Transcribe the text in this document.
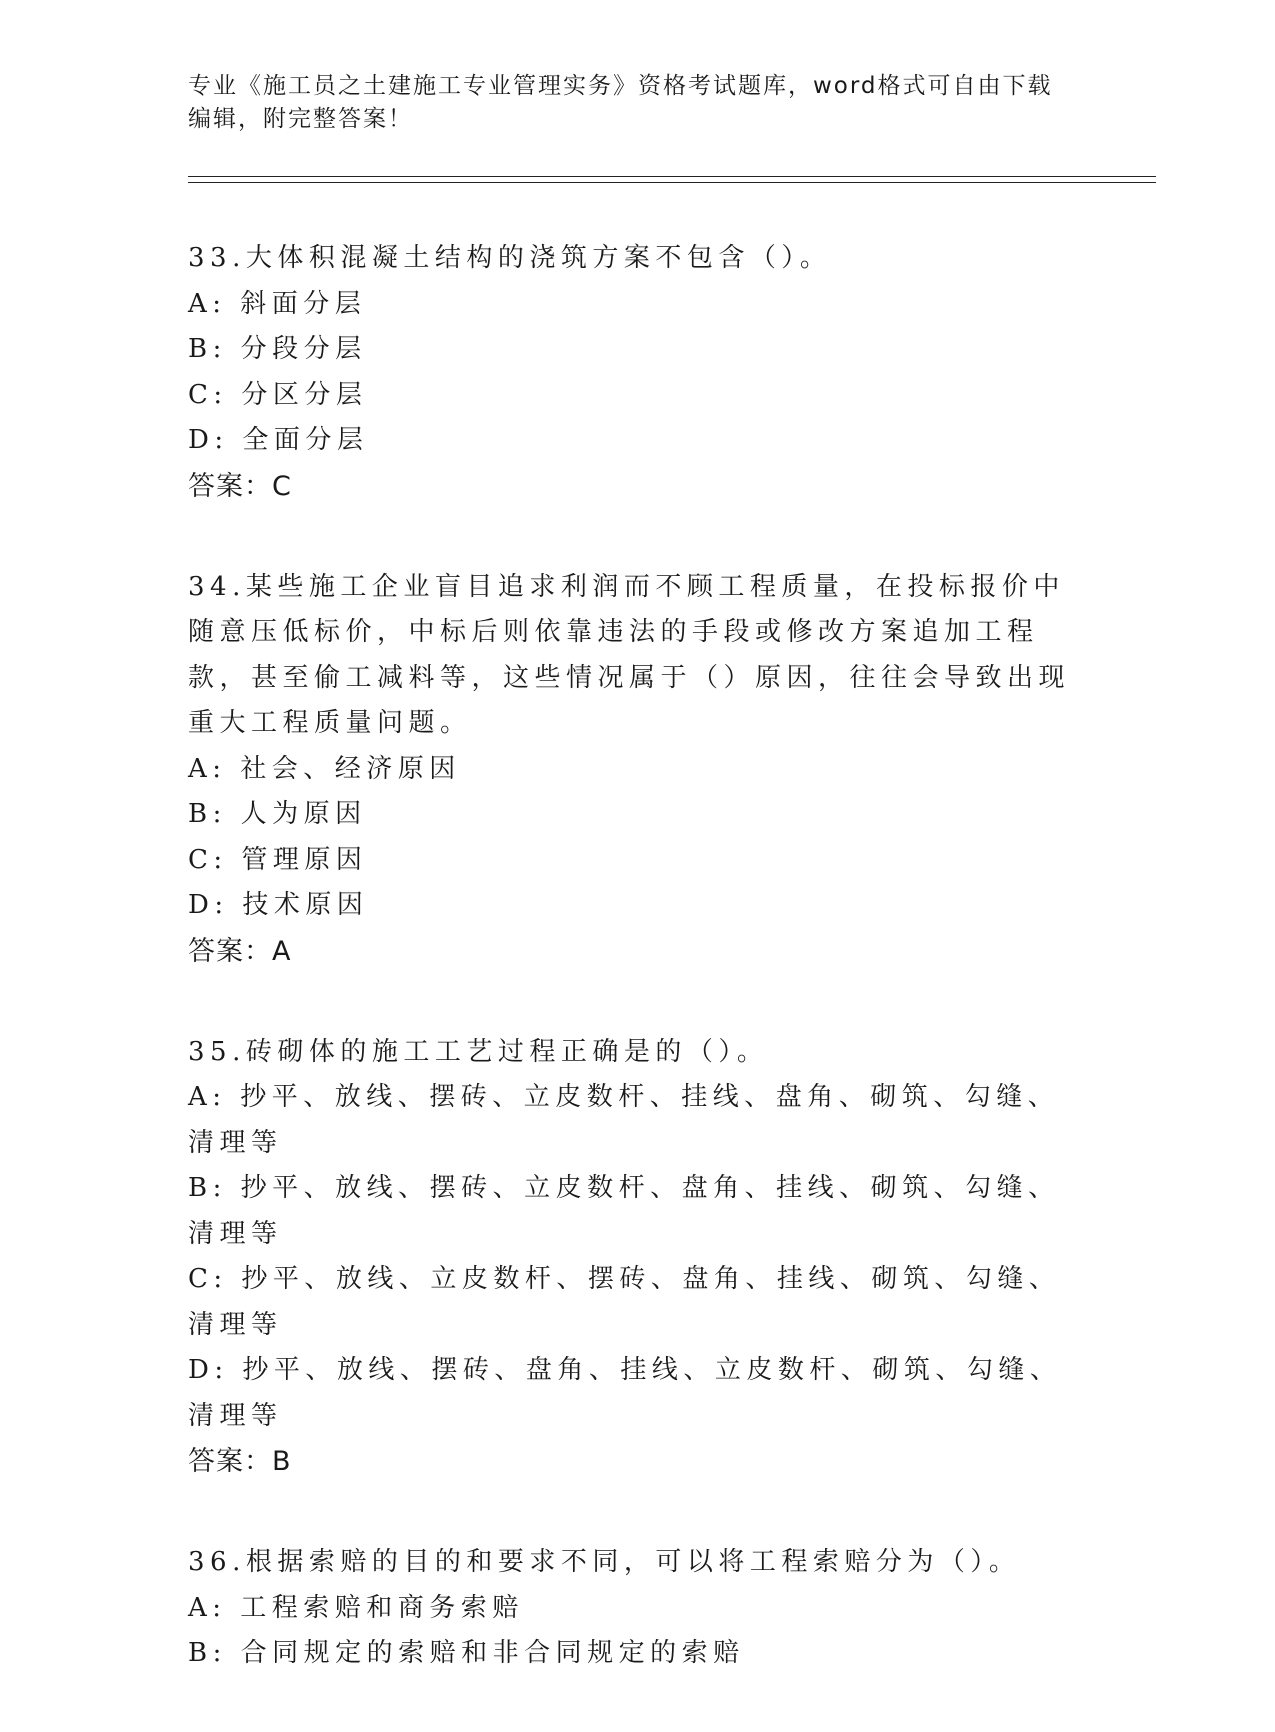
专业《施工员之土建施工专业管理实务》资格考试题库，word格式可自由下载编辑，附完整答案！
33.大体积混凝土结构的浇筑方案不包含（）。
A: 斜面分层
B: 分段分层
C: 分区分层
D: 全面分层
答案：C
34.某些施工企业盲目追求利润而不顾工程质量，在投标报价中随意压低标价，中标后则依靠违法的手段或修改方案追加工程款，甚至偷工减料等，这些情况属于（）原因，往往会导致出现重大工程质量问题。
A: 社会、经济原因
B: 人为原因
C: 管理原因
D: 技术原因
答案：A
35.砖砌体的施工工艺过程正确是的（）。
A: 抄平、放线、摆砖、立皮数杆、挂线、盘角、砌筑、勾缝、清理等
B: 抄平、放线、摆砖、立皮数杆、盘角、挂线、砌筑、勾缝、清理等
C: 抄平、放线、立皮数杆、摆砖、盘角、挂线、砌筑、勾缝、清理等
D: 抄平、放线、摆砖、盘角、挂线、立皮数杆、砌筑、勾缝、清理等
答案：B
36.根据索赔的目的和要求不同，可以将工程索赔分为（）。
A: 工程索赔和商务索赔
B: 合同规定的索赔和非合同规定的索赔
